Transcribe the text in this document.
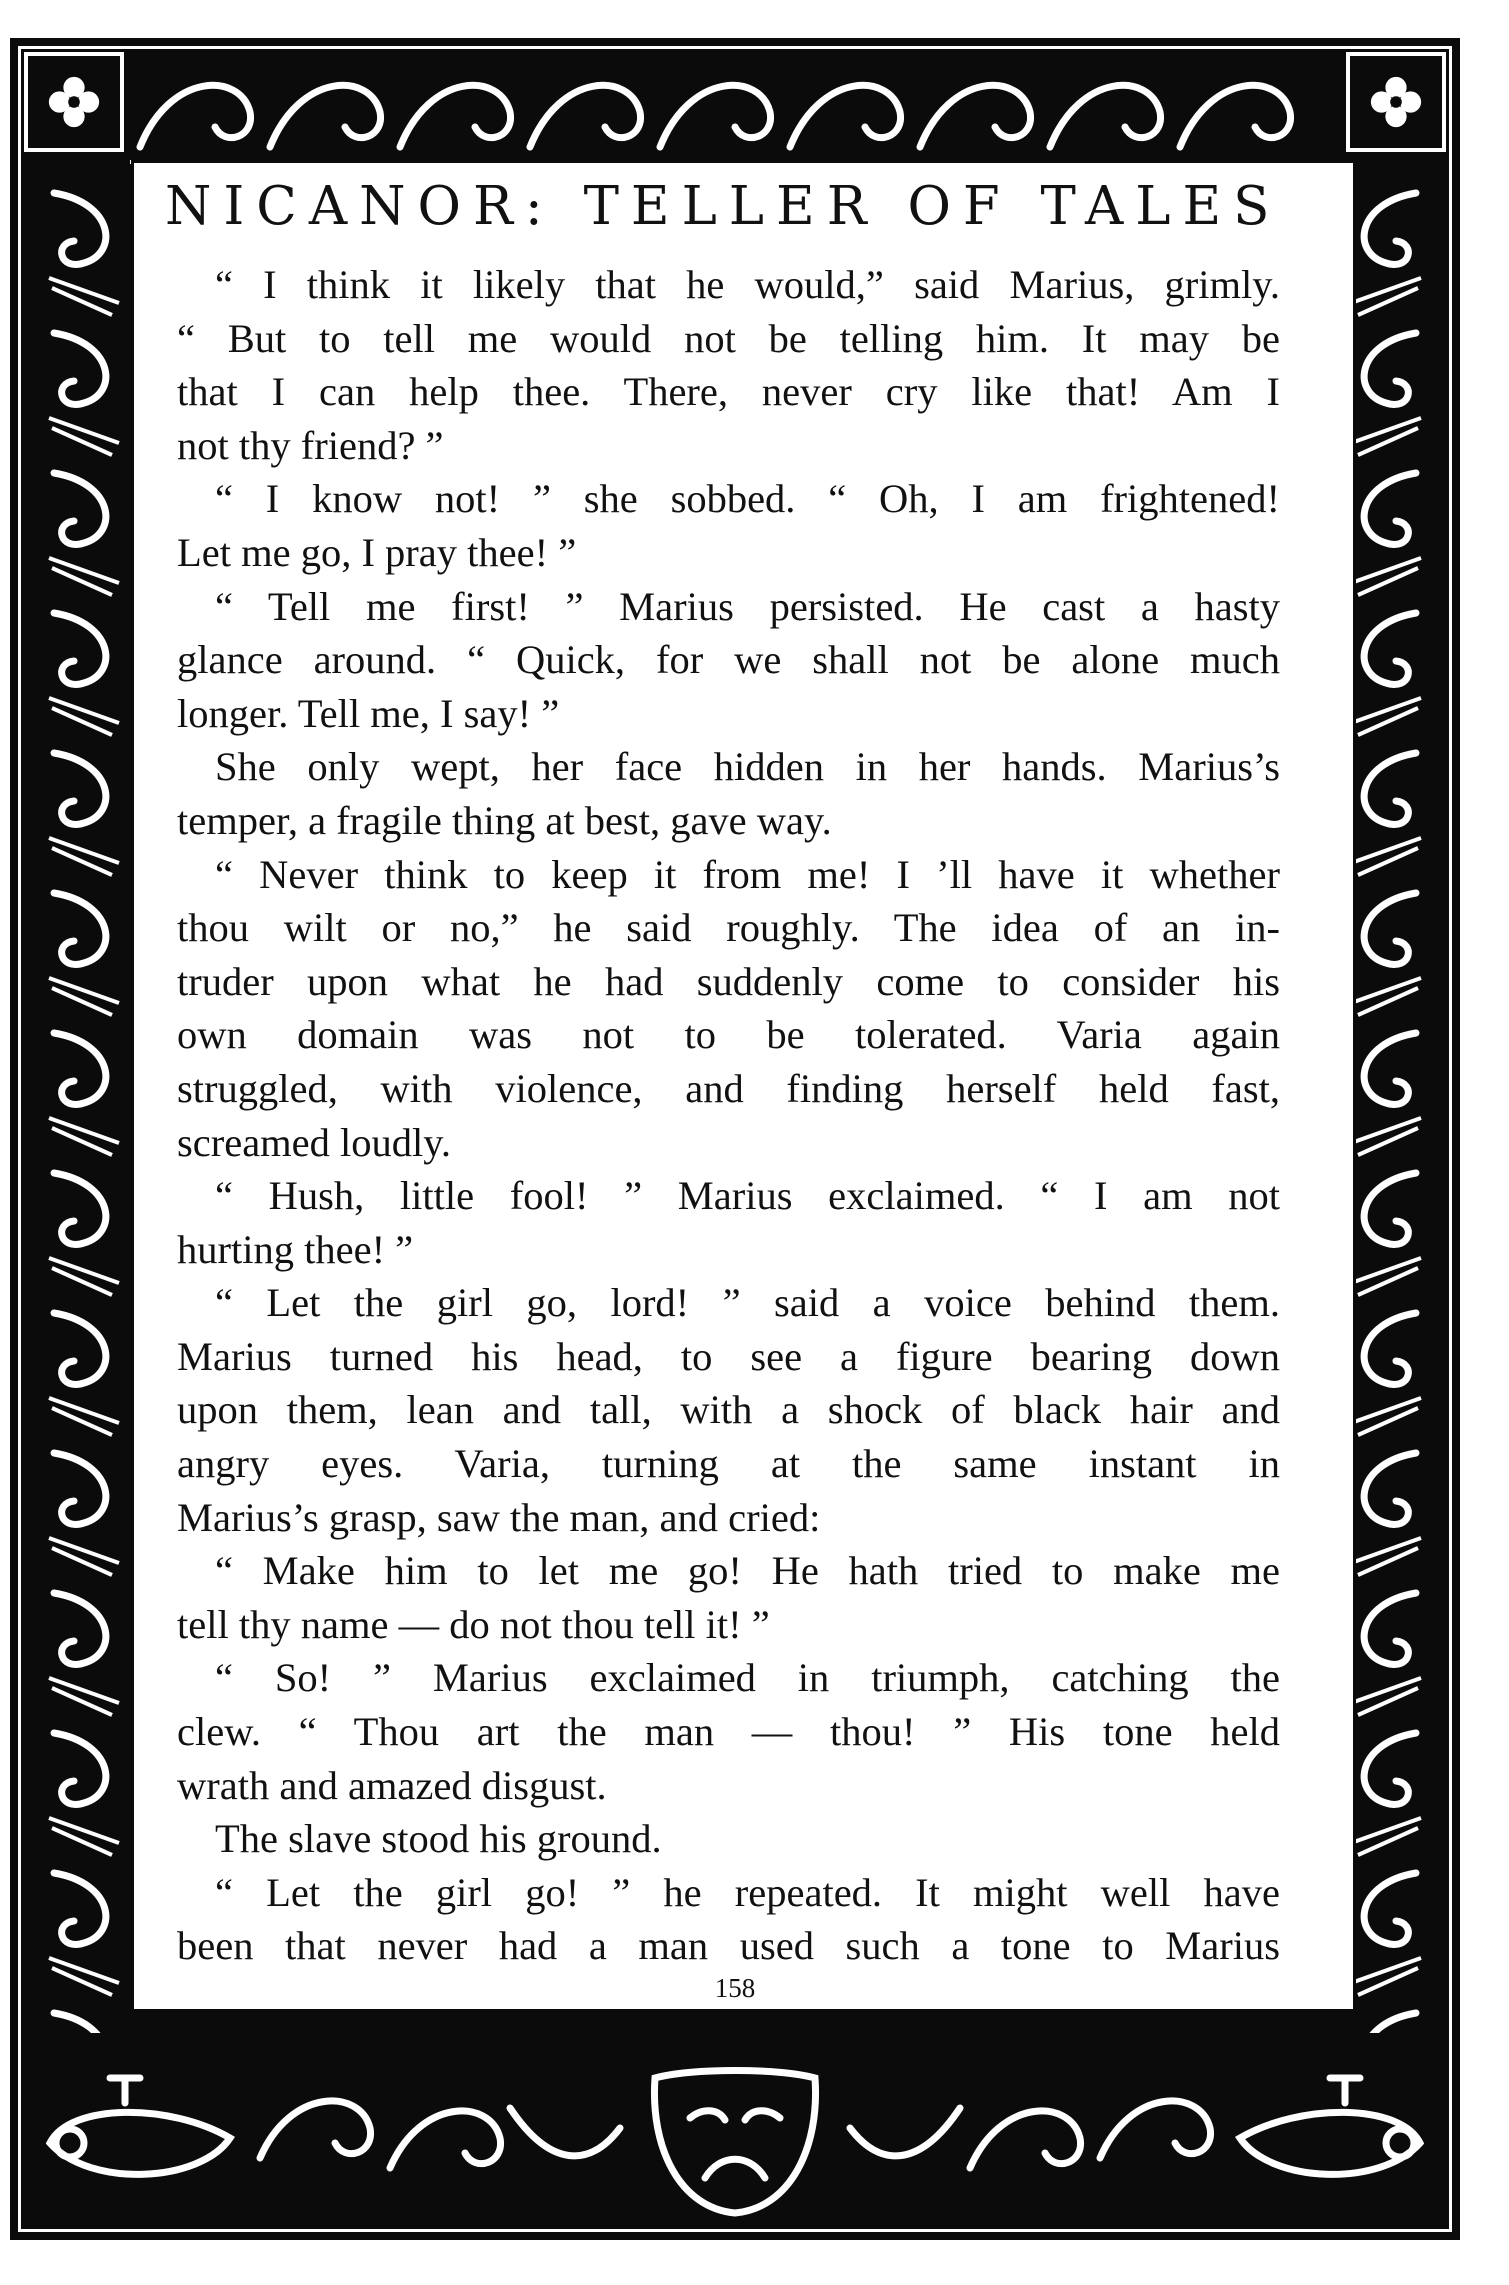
NICANOR: TELLER OF TALES
“ I think it likely that he would,” said Marius, grimly.
“ But to tell me would not be telling him. It may be
that I can help thee. There, never cry like that! Am I
not thy friend? ”
“ I know not! ” she sobbed. “ Oh, I am frightened!
Let me go, I pray thee! ”
“ Tell me first! ” Marius persisted. He cast a hasty
glance around. “ Quick, for we shall not be alone much
longer. Tell me, I say! ”
She only wept, her face hidden in her hands. Marius’s
temper, a fragile thing at best, gave way.
“ Never think to keep it from me! I ’ll have it whether
thou wilt or no,” he said roughly. The idea of an in-
truder upon what he had suddenly come to consider his
own domain was not to be tolerated. Varia again
struggled, with violence, and finding herself held fast,
screamed loudly.
“ Hush, little fool! ” Marius exclaimed. “ I am not
hurting thee! ”
“ Let the girl go, lord! ” said a voice behind them.
Marius turned his head, to see a figure bearing down
upon them, lean and tall, with a shock of black hair and
angry eyes. Varia, turning at the same instant in
Marius’s grasp, saw the man, and cried:
“ Make him to let me go! He hath tried to make me
tell thy name — do not thou tell it! ”
“ So! ” Marius exclaimed in triumph, catching the
clew. “ Thou art the man — thou! ” His tone held
wrath and amazed disgust.
The slave stood his ground.
“ Let the girl go! ” he repeated. It might well have
been that never had a man used such a tone to Marius
158
